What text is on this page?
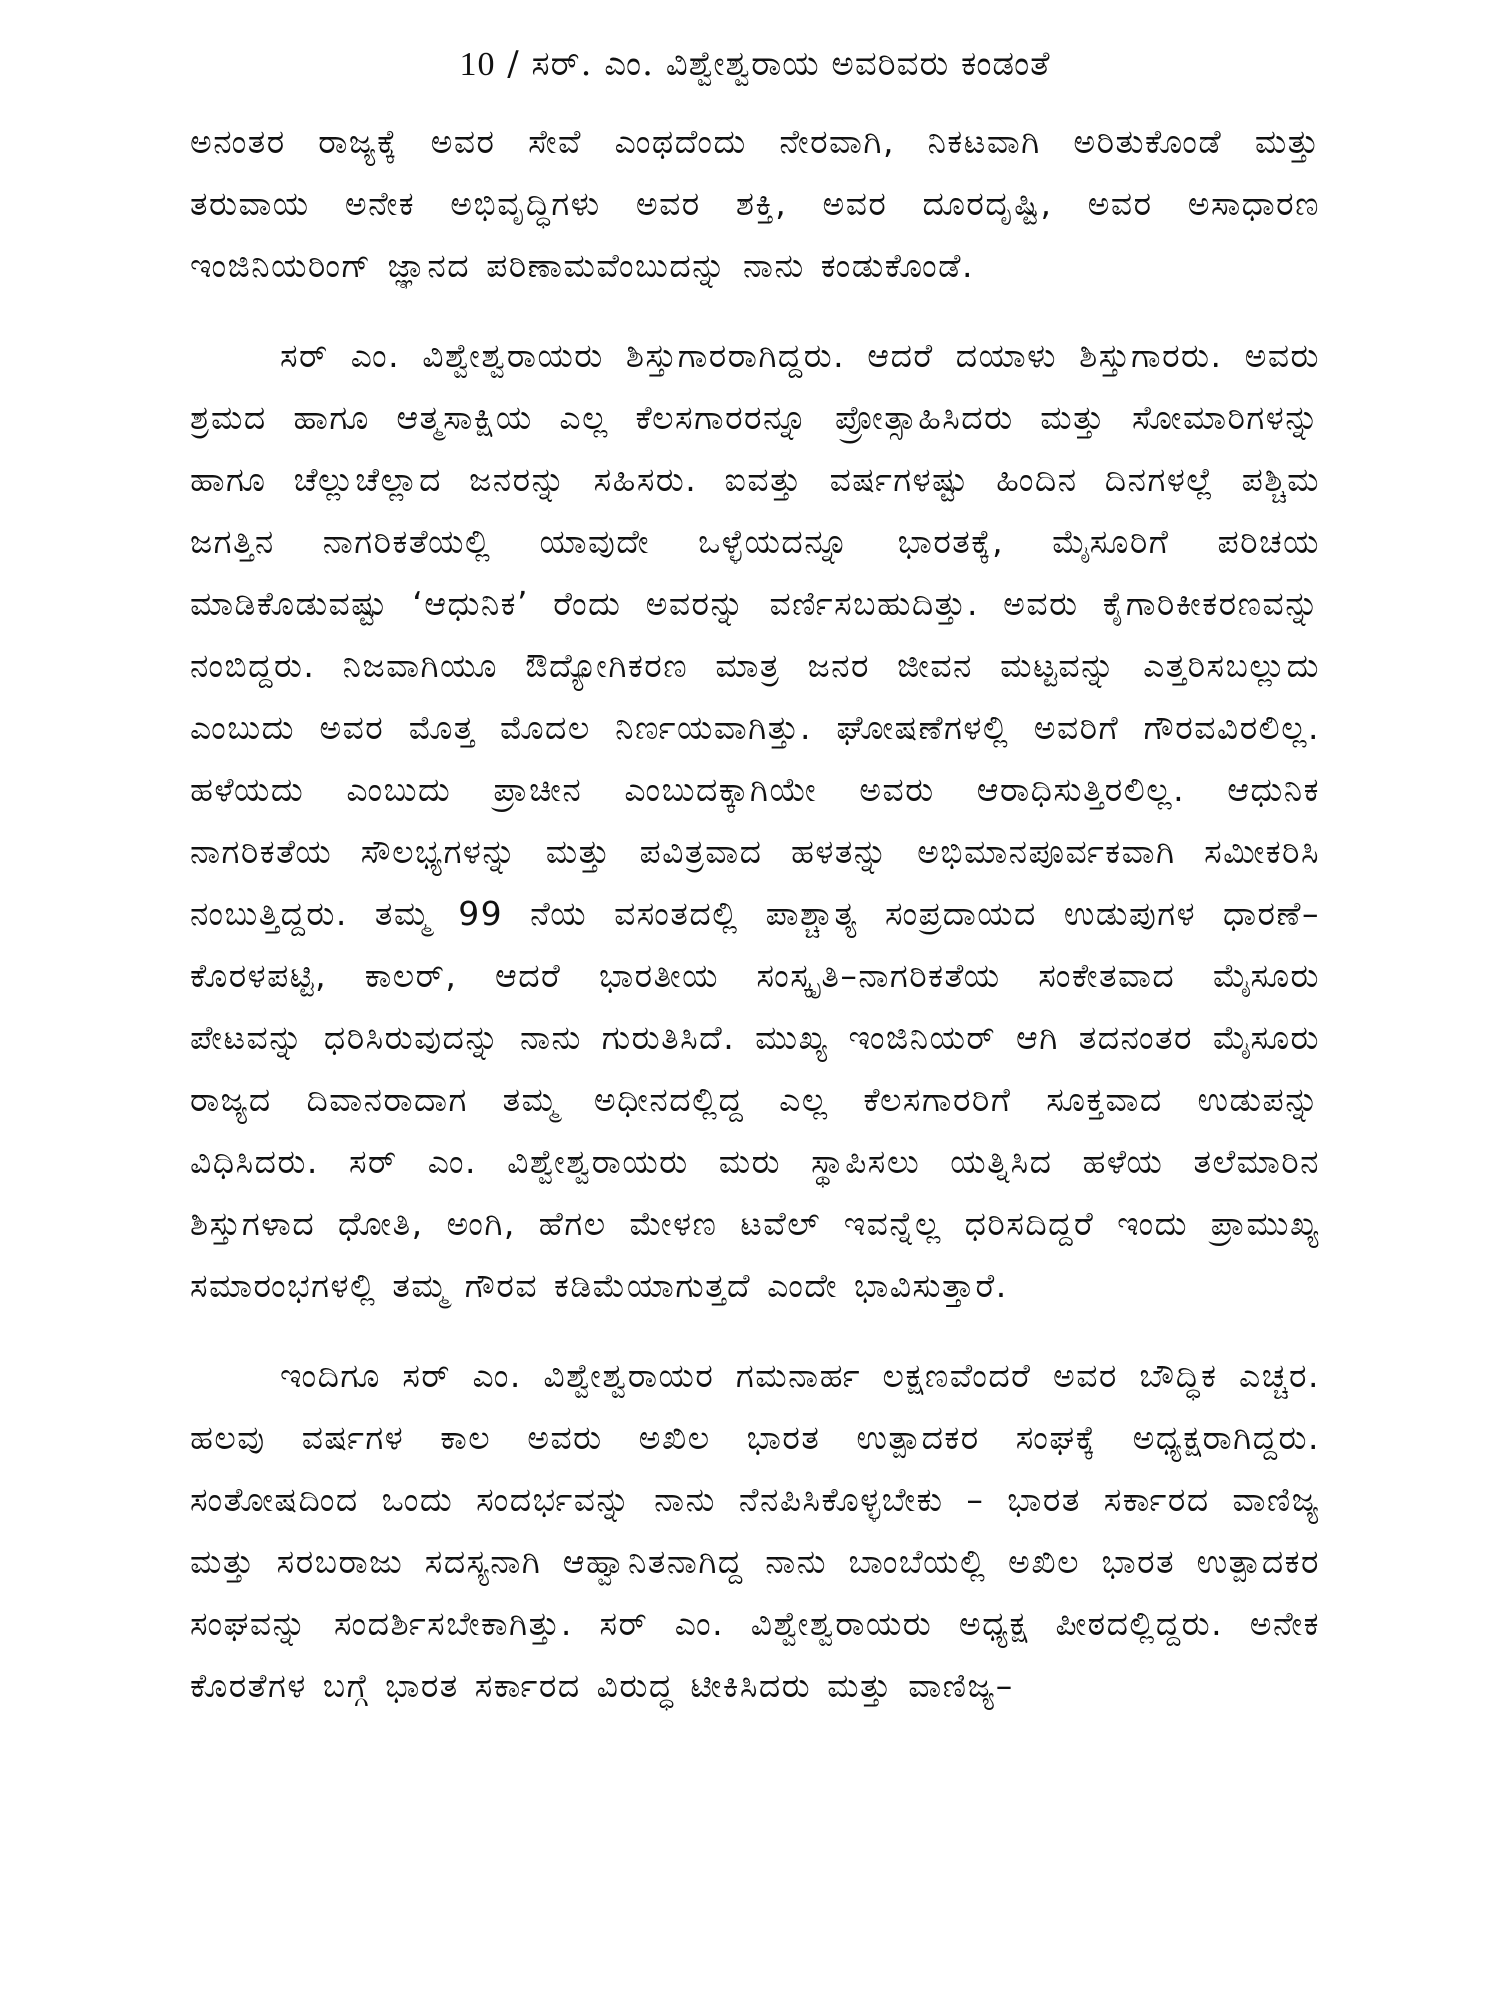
10 / ಸರ್. ಎಂ. ವಿಶ್ವೇಶ್ವರಾಯ ಅವರಿವರು ಕಂಡಂತೆ

ಅನಂತರ ರಾಜ್ಯಕ್ಕೆ ಅವರ ಸೇವೆ ಎಂಥದೆಂದು ನೇರವಾಗಿ, ನಿಕಟವಾಗಿ ಅರಿತುಕೊಂಡೆ ಮತ್ತು ತರುವಾಯ ಅನೇಕ ಅಭಿವೃದ್ಧಿಗಳು ಅವರ ಶಕ್ತಿ, ಅವರ ದೂರದೃಷ್ಟಿ, ಅವರ ಅಸಾಧಾರಣ ಇಂಜಿನಿಯರಿಂಗ್ ಜ್ಞಾನದ ಪರಿಣಾಮವೆಂಬುದನ್ನು ನಾನು ಕಂಡುಕೊಂಡೆ.

ಸರ್ ಎಂ. ವಿಶ್ವೇಶ್ವರಾಯರು ಶಿಸ್ತುಗಾರರಾಗಿದ್ದರು. ಆದರೆ ದಯಾಳು ಶಿಸ್ತುಗಾರರು. ಅವರು ಶ್ರಮದ ಹಾಗೂ ಆತ್ಮಸಾಕ್ಷಿಯ ಎಲ್ಲ ಕೆಲಸಗಾರರನ್ನೂ ಪ್ರೋತ್ಸಾಹಿಸಿದರು ಮತ್ತು ಸೋಮಾರಿಗಳನ್ನು ಹಾಗೂ ಚೆಲ್ಲುಚೆಲ್ಲಾದ ಜನರನ್ನು ಸಹಿಸರು. ಐವತ್ತು ವರ್ಷಗಳಷ್ಟು ಹಿಂದಿನ ದಿನಗಳಲ್ಲೆ ಪಶ್ಚಿಮ ಜಗತ್ತಿನ ನಾಗರಿಕತೆಯಲ್ಲಿ ಯಾವುದೇ ಒಳ್ಳೆಯದನ್ನೂ ಭಾರತಕ್ಕೆ, ಮೈಸೂರಿಗೆ ಪರಿಚಯ ಮಾಡಿಕೊಡುವಷ್ಟು ‘ಆಧುನಿಕ’ ರೆಂದು ಅವರನ್ನು ವರ್ಣಿಸಬಹುದಿತ್ತು. ಅವರು ಕೈಗಾರಿಕೀಕರಣವನ್ನು ನಂಬಿದ್ದರು. ನಿಜವಾಗಿಯೂ ಔದ್ಯೋಗಿಕರಣ ಮಾತ್ರ ಜನರ ಜೀವನ ಮಟ್ಟವನ್ನು ಎತ್ತರಿಸಬಲ್ಲುದು ಎಂಬುದು ಅವರ ಮೊತ್ತ ಮೊದಲ ನಿರ್ಣಯವಾಗಿತ್ತು. ಘೋಷಣೆಗಳಲ್ಲಿ ಅವರಿಗೆ ಗೌರವವಿರಲಿಲ್ಲ. ಹಳೆಯದು ಎಂಬುದು ಪ್ರಾಚೀನ ಎಂಬುದಕ್ಕಾಗಿಯೇ ಅವರು ಆರಾಧಿಸುತ್ತಿರಲಿಲ್ಲ. ಆಧುನಿಕ ನಾಗರಿಕತೆಯ ಸೌಲಭ್ಯಗಳನ್ನು ಮತ್ತು ಪವಿತ್ರವಾದ ಹಳತನ್ನು ಅಭಿಮಾನಪೂರ್ವಕವಾಗಿ ಸಮೀಕರಿಸಿ ನಂಬುತ್ತಿದ್ದರು. ತಮ್ಮ 99 ನೆಯ ವಸಂತದಲ್ಲಿ ಪಾಶ್ಚಾತ್ಯ ಸಂಪ್ರದಾಯದ ಉಡುಪುಗಳ ಧಾರಣೆ–ಕೊರಳಪಟ್ಟಿ, ಕಾಲರ್, ಆದರೆ ಭಾರತೀಯ ಸಂಸ್ಕೃತಿ–ನಾಗರಿಕತೆಯ ಸಂಕೇತವಾದ ಮೈಸೂರು ಪೇಟವನ್ನು ಧರಿಸಿರುವುದನ್ನು ನಾನು ಗುರುತಿಸಿದೆ. ಮುಖ್ಯ ಇಂಜಿನಿಯರ್ ಆಗಿ ತದನಂತರ ಮೈಸೂರು ರಾಜ್ಯದ ದಿವಾನರಾದಾಗ ತಮ್ಮ ಅಧೀನದಲ್ಲಿದ್ದ ಎಲ್ಲ ಕೆಲಸಗಾರರಿಗೆ ಸೂಕ್ತವಾದ ಉಡುಪನ್ನು ವಿಧಿಸಿದರು. ಸರ್ ಎಂ. ವಿಶ್ವೇಶ್ವರಾಯರು ಮರು ಸ್ಥಾಪಿಸಲು ಯತ್ನಿಸಿದ ಹಳೆಯ ತಲೆಮಾರಿನ ಶಿಸ್ತುಗಳಾದ ಧೋತಿ, ಅಂಗಿ, ಹೆಗಲ ಮೇಳಣ ಟವೆಲ್ ಇವನ್ನೆಲ್ಲ ಧರಿಸದಿದ್ದರೆ ಇಂದು ಪ್ರಾಮುಖ್ಯ ಸಮಾರಂಭಗಳಲ್ಲಿ ತಮ್ಮ ಗೌರವ ಕಡಿಮೆಯಾಗುತ್ತದೆ ಎಂದೇ ಭಾವಿಸುತ್ತಾರೆ.

ಇಂದಿಗೂ ಸರ್ ಎಂ. ವಿಶ್ವೇಶ್ವರಾಯರ ಗಮನಾರ್ಹ ಲಕ್ಷಣವೆಂದರೆ ಅವರ ಬೌದ್ಧಿಕ ಎಚ್ಚರ. ಹಲವು ವರ್ಷಗಳ ಕಾಲ ಅವರು ಅಖಿಲ ಭಾರತ ಉತ್ಪಾದಕರ ಸಂಘಕ್ಕೆ ಅಧ್ಯಕ್ಷರಾಗಿದ್ದರು. ಸಂತೋಷದಿಂದ ಒಂದು ಸಂದರ್ಭವನ್ನು ನಾನು ನೆನಪಿಸಿಕೊಳ್ಳಬೇಕು – ಭಾರತ ಸರ್ಕಾರದ ವಾಣಿಜ್ಯ ಮತ್ತು ಸರಬರಾಜು ಸದಸ್ಯನಾಗಿ ಆಹ್ವಾನಿತನಾಗಿದ್ದ ನಾನು ಬಾಂಬೆಯಲ್ಲಿ ಅಖಿಲ ಭಾರತ ಉತ್ಪಾದಕರ ಸಂಘವನ್ನು ಸಂದರ್ಶಿಸಬೇಕಾಗಿತ್ತು. ಸರ್ ಎಂ. ವಿಶ್ವೇಶ್ವರಾಯರು ಅಧ್ಯಕ್ಷ ಪೀಠದಲ್ಲಿದ್ದರು. ಅನೇಕ ಕೊರತೆಗಳ ಬಗ್ಗೆ ಭಾರತ ಸರ್ಕಾರದ ವಿರುದ್ಧ ಟೀಕಿಸಿದರು ಮತ್ತು ವಾಣಿಜ್ಯ–
